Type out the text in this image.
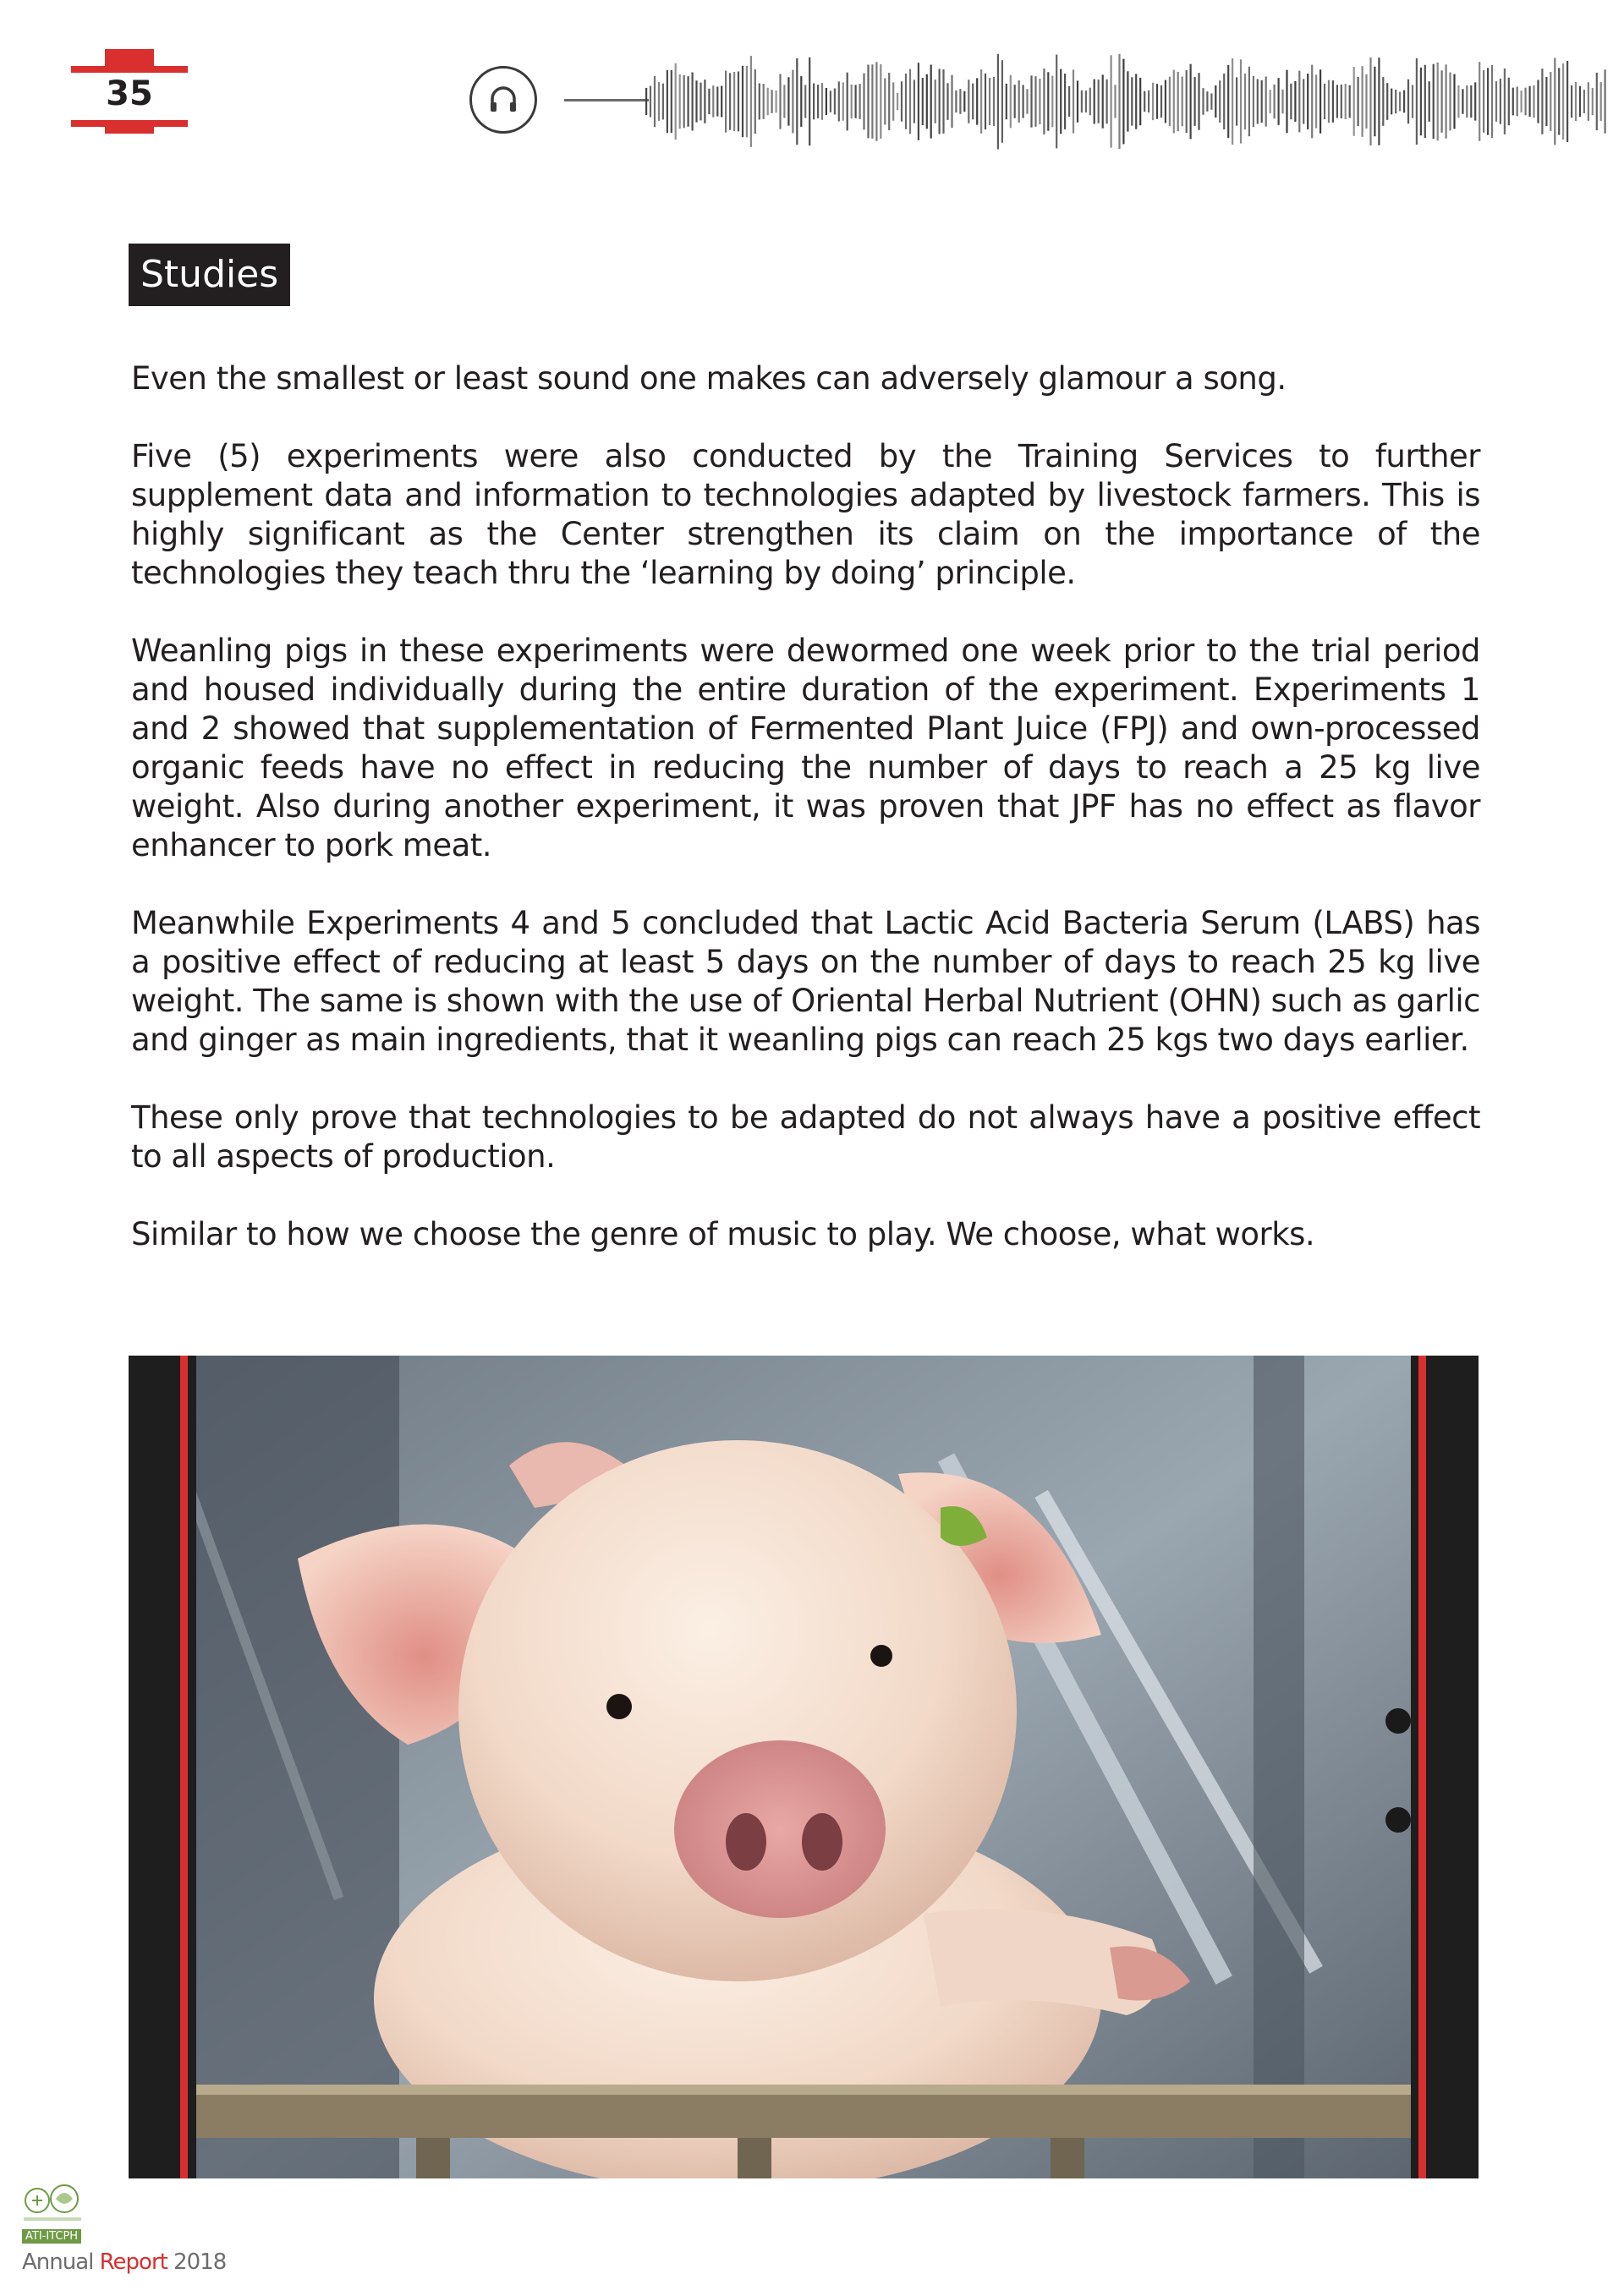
35
Studies

Even the smallest or least sound one makes can adversely glamour a song.

Five (5) experiments were also conducted by the Training Services to further supplement data and information to technologies adapted by livestock farmers. This is highly significant as the Center strengthen its claim on the importance of the technologies they teach thru the ‘learning by doing’ principle.

Weanling pigs in these experiments were dewormed one week prior to the trial period and housed individually during the entire duration of the experiment. Experiments 1 and 2 showed that supplementation of Fermented Plant Juice (FPJ) and own-processed organic feeds have no effect in reducing the number of days to reach a 25 kg live weight. Also during another experiment, it was proven that JPF has no effect as flavor enhancer to pork meat.

Meanwhile Experiments 4 and 5 concluded that Lactic Acid Bacteria Serum (LABS) has a positive effect of reducing at least 5 days on the number of days to reach 25 kg live weight. The same is shown with the use of Oriental Herbal Nutrient (OHN) such as garlic and ginger as main ingredients, that it weanling pigs can reach 25 kgs two days earlier.

These only prove that technologies to be adapted do not always have a positive effect to all aspects of production.

Similar to how we choose the genre of music to play. We choose, what works.

ATI-ITCPH
Annual Report 2018
